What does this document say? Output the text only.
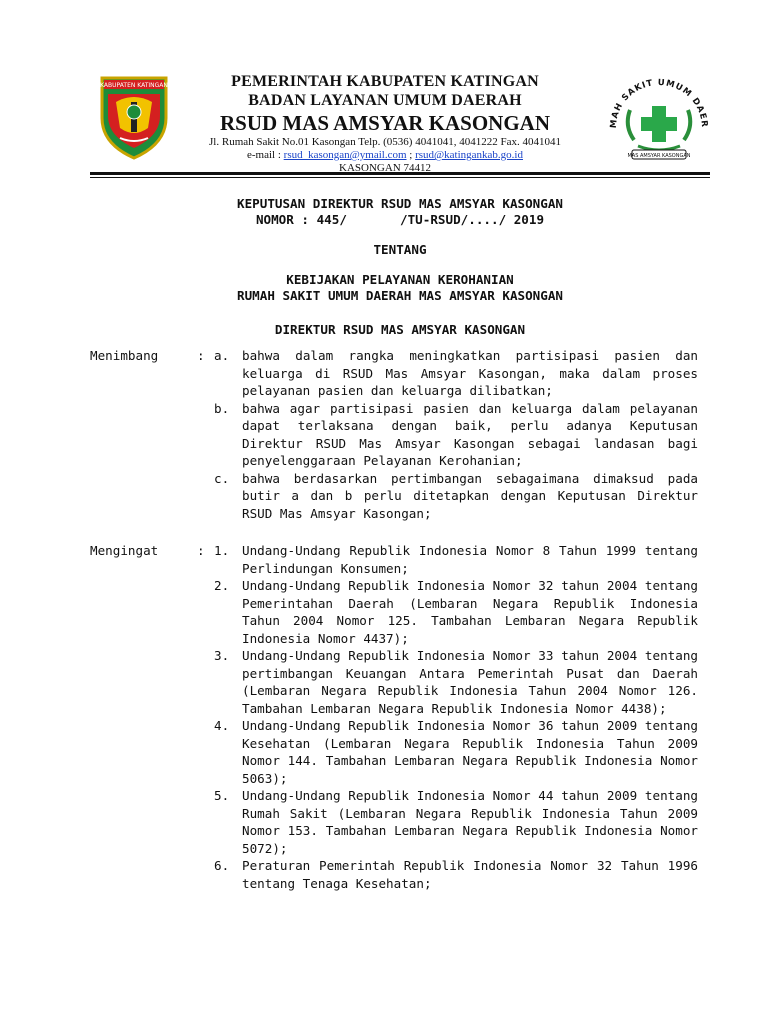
KABUPATEN KATINGAN	PEMERINTAH KABUPATEN KATINGAN
BADAN LAYANAN UMUM DAERAH
RSUD MAS AMSYAR KASONGAN
Jl. Rumah Sakit No.01 Kasongan Telp. (0536) 4041041, 4041222 Fax. 4041041
e-mail : rsud_kasongan@ymail.com ; rsud@katingankab.go.id
KASONGAN 74412
MAH SAKIT UMUM DAER
MAS AMSYAR KASONGAN
KEPUTUSAN DIREKTUR RSUD MAS AMSYAR KASONGAN
NOMOR : 445/       /TU-RSUD/..../ 2019
TENTANG
KEBIJAKAN PELAYANAN KEROHANIAN
RUMAH SAKIT UMUM DAERAH MAS AMSYAR KASONGAN
DIREKTUR RSUD MAS AMSYAR KASONGAN
Menimbang	: a. bahwa dalam rangka meningkatkan partisipasi pasien dan keluarga di RSUD Mas Amsyar Kasongan, maka dalam proses pelayanan pasien dan keluarga dilibatkan;
b. bahwa agar partisipasi pasien dan keluarga dalam pelayanan dapat terlaksana dengan baik, perlu adanya Keputusan Direktur RSUD Mas Amsyar Kasongan sebagai landasan bagi penyelenggaraan Pelayanan Kerohanian;
c. bahwa berdasarkan pertimbangan sebagaimana dimaksud pada butir a dan b perlu ditetapkan dengan Keputusan Direktur RSUD Mas Amsyar Kasongan;
Mengingat	: 1. Undang-Undang Republik Indonesia Nomor 8 Tahun 1999 tentang Perlindungan Konsumen;
2. Undang-Undang Republik Indonesia Nomor 32 tahun 2004 tentang Pemerintahan Daerah (Lembaran Negara Republik Indonesia Tahun 2004 Nomor 125. Tambahan Lembaran Negara Republik Indonesia Nomor 4437);
3. Undang-Undang Republik Indonesia Nomor 33 tahun 2004 tentang pertimbangan Keuangan Antara Pemerintah Pusat dan Daerah (Lembaran Negara Republik Indonesia Tahun 2004 Nomor 126. Tambahan Lembaran Negara Republik Indonesia Nomor 4438);
4. Undang-Undang Republik Indonesia Nomor 36 tahun 2009 tentang Kesehatan (Lembaran Negara Republik Indonesia Tahun 2009 Nomor 144. Tambahan Lembaran Negara Republik Indonesia Nomor 5063);
5. Undang-Undang Republik Indonesia Nomor 44 tahun 2009 tentang Rumah Sakit (Lembaran Negara Republik Indonesia Tahun 2009 Nomor 153. Tambahan Lembaran Negara Republik Indonesia Nomor 5072);
6. Peraturan Pemerintah Republik Indonesia Nomor 32 Tahun 1996 tentang Tenaga Kesehatan;
